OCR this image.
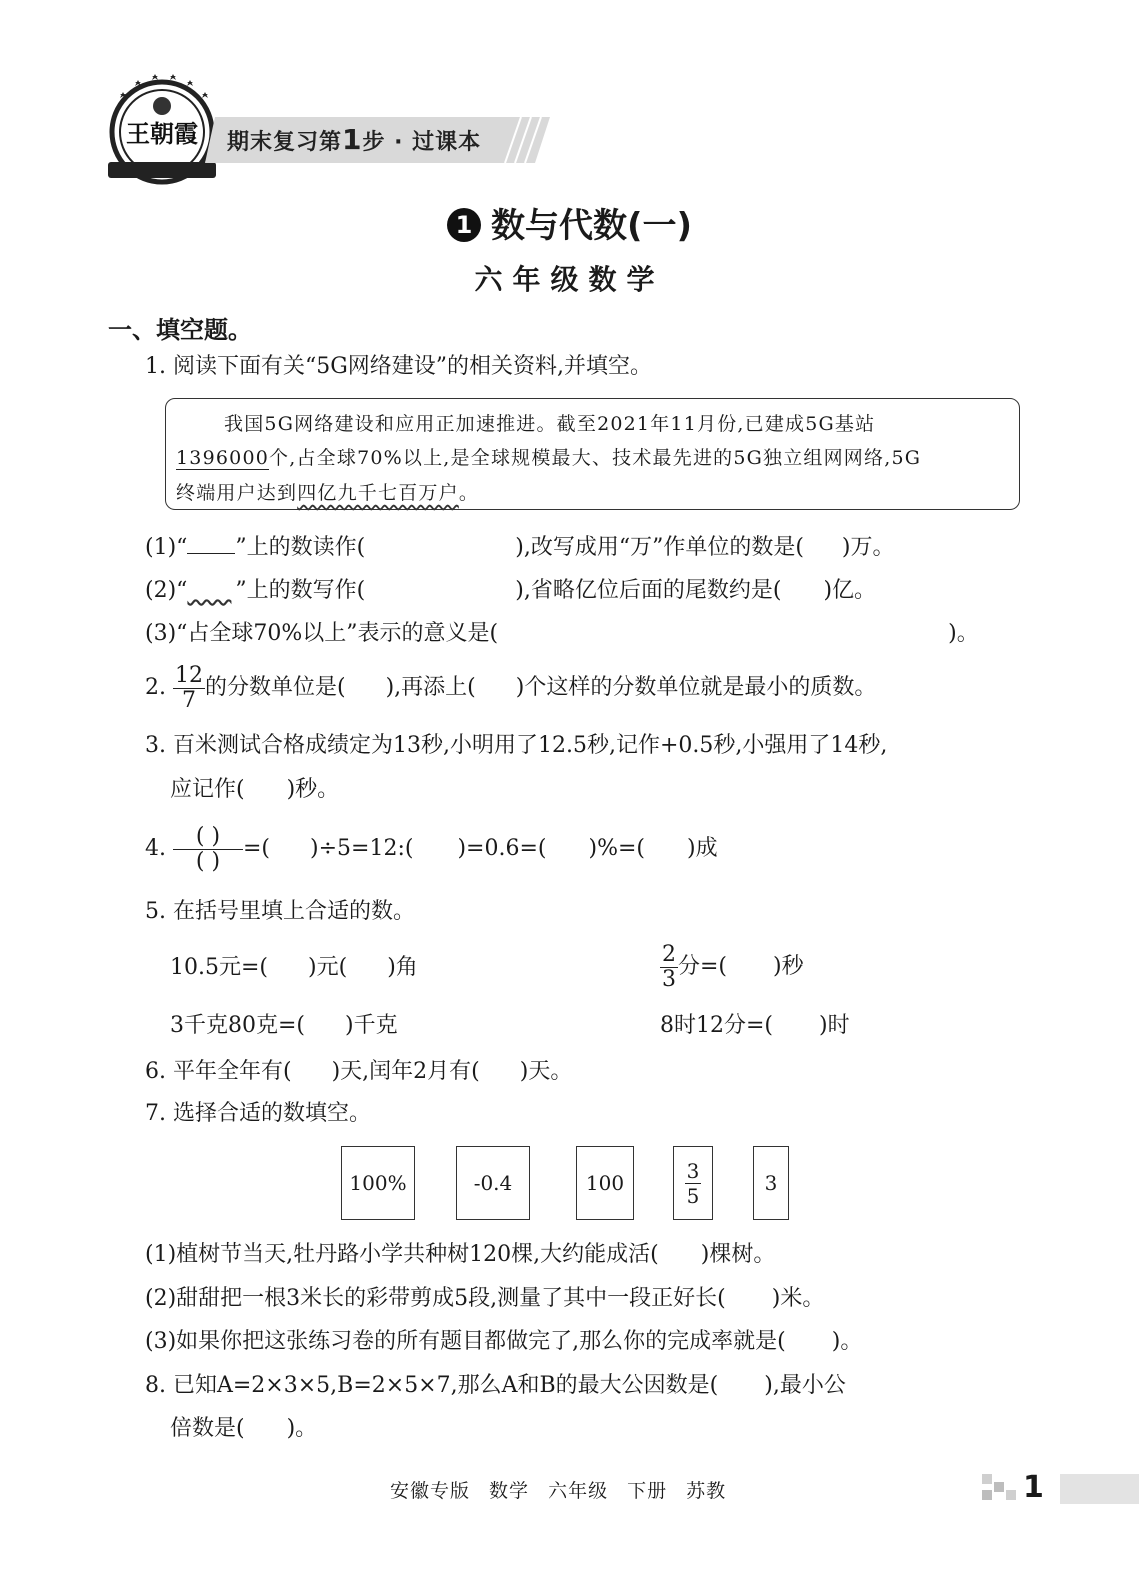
王朝霞 期末复习第1步 · 过课本
1 数与代数(一)
六年级数学
一、填空题。
1. 阅读下面有关“5G网络建设”的相关资料,并填空。
我国5G网络建设和应用正加速推进。截至2021年11月份,已建成5G基站
1396000个,占全球70%以上,是全球规模最大、技术最先进的5G独立组网网络,5G
终端用户达到四亿九千七百万户。
(1)“ ”上的数读作(	),改写成用“万”作单位的数是( )万。
(2)“   ”上的数写作(	),省略亿位后面的尾数约是( )亿。
(3)“占全球70%以上”表示的意义是(	)。
2. $\frac{12}{7}$ 的分数单位是( ),再添上( )个这样的分数单位就是最小的质数。
3. 百米测试合格成绩定为13秒,小明用了12.5秒,记作+0.5秒,小强用了14秒,
应记作( )秒。
4. $\frac{( )}{( )}$ =( )÷5=12:( )=0.6=( )%=( )成
5. 在括号里填上合适的数。
10.5元=( )元( )角	$\frac{2}{3}$ 分=( )秒
3千克80克=( )千克	8时12分=( )时
6. 平年全年有( )天,闰年2月有( )天。
7. 选择合适的数填空。
100%	-0.4	100	$\frac{3}{5}$	3
(1)植树节当天,牡丹路小学共种树120棵,大约能成活( )棵树。
(2)甜甜把一根3米长的彩带剪成5段,测量了其中一段正好长( )米。
(3)如果你把这张练习卷的所有题目都做完了,那么你的完成率就是( )。
8. 已知A=2×3×5,B=2×5×7,那么A和B的最大公因数是( ),最小公
倍数是( )。
安徽专版 数学 六年级 下册 苏教	1
